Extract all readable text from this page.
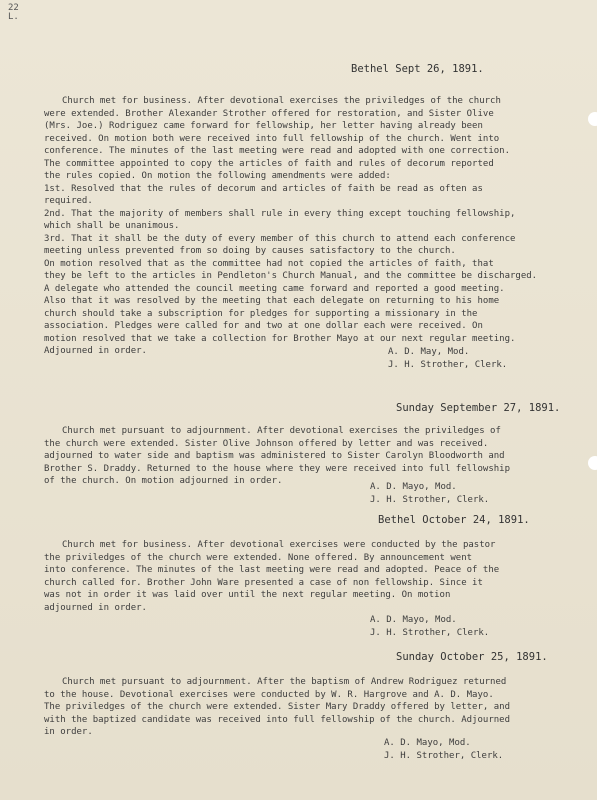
22
L.
Bethel Sept 26, 1891.
Church met for business. After devotional exercises the priviledges of the church
were extended. Brother Alexander Strother offered for restoration, and Sister Olive
(Mrs. Joe.) Rodriguez came forward for fellowship, her letter having already been
received. On motion both were received into full fellowship of the church. Went into
conference. The minutes of the last meeting were read and adopted with one correction.
The committee appointed to copy the articles of faith and rules of decorum reported
the rules copied. On motion the following amendments were added:
1st. Resolved that the rules of decorum and articles of faith be read as often as
required.
2nd. That the majority of members shall rule in every thing except touching fellowship,
which shall be unanimous.
3rd. That it shall be the duty of every member of this church to attend each conference
meeting unless prevented from so doing by causes satisfactory to the church.
On motion resolved that as the committee had not copied the articles of faith, that
they be left to the articles in Pendleton's Church Manual, and the committee be discharged.
A delegate who attended the council meeting came forward and reported a good meeting.
Also that it was resolved by the meeting that each delegate on returning to his home
church should take a subscription for pledges for supporting a missionary in the
association. Pledges were called for and two at one dollar each were received. On
motion resolved that we take a collection for Brother Mayo at our next regular meeting.
Adjourned in order.	A. D. May, Mod.
J. H. Strother, Clerk.
Sunday September 27, 1891.
Church met pursuant to adjournment. After devotional exercises the priviledges of
the church were extended. Sister Olive Johnson offered by letter and was received.
adjourned to water side and baptism was administered to Sister Carolyn Bloodworth and
Brother S. Draddy. Returned to the house where they were received into full fellowship
of the church. On motion adjourned in order.
A. D. Mayo, Mod.
J. H. Strother, Clerk.
Bethel October 24, 1891.
Church met for business. After devotional exercises were conducted by the pastor
the priviledges of the church were extended. None offered. By announcement went
into conference. The minutes of the last meeting were read and adopted. Peace of the
church called for. Brother John Ware presented a case of non fellowship. Since it
was not in order it was laid over until the next regular meeting. On motion
adjourned in order.
A. D. Mayo, Mod.
J. H. Strother, Clerk.
Sunday October 25, 1891.
Church met pursuant to adjournment. After the baptism of Andrew Rodriguez returned
to the house. Devotional exercises were conducted by W. R. Hargrove and A. D. Mayo.
The priviledges of the church were extended. Sister Mary Draddy offered by letter, and
with the baptized candidate was received into full fellowship of the church. Adjourned
in order.
A. D. Mayo, Mod.
J. H. Strother, Clerk.
